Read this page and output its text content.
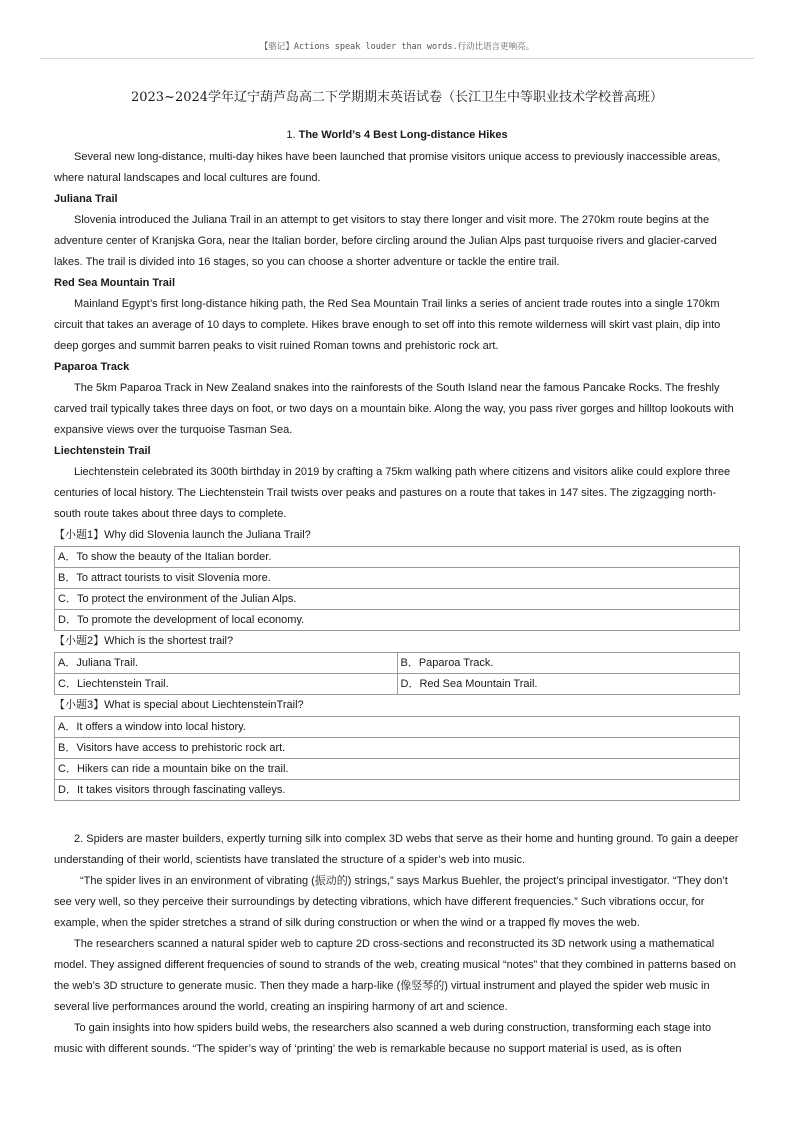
【骆记】Actions speak louder than words.行动比语言更响亮。
2023~2024学年辽宁葫芦岛高二下学期期末英语试卷（长江卫生中等职业技术学校普高班）
1. The World’s 4 Best Long-distance Hikes

Several new long-distance, multi-day hikes have been launched that promise visitors unique access to previously inaccessible areas, where natural landscapes and local cultures are found.

Juliana Trail

Slovenia introduced the Juliana Trail in an attempt to get visitors to stay there longer and visit more. The 270km route begins at the adventure center of Kranjska Gora, near the Italian border, before circling around the Julian Alps past turquoise rivers and glacier-carved lakes. The trail is divided into 16 stages, so you can choose a shorter adventure or tackle the entire trail.

Red Sea Mountain Trail

Mainland Egypt’s first long-distance hiking path, the Red Sea Mountain Trail links a series of ancient trade routes into a single 170km circuit that takes an average of 10 days to complete. Hikes brave enough to set off into this remote wilderness will skirt vast plain, dip into deep gorges and summit barren peaks to visit ruined Roman towns and prehistoric rock art.

Paparoa Track

The 5km Paparoa Track in New Zealand snakes into the rainforests of the South Island near the famous Pancake Rocks. The freshly carved trail typically takes three days on foot, or two days on a mountain bike. Along the way, you pass river gorges and hilltop lookouts with expansive views over the turquoise Tasman Sea.

Liechtenstein Trail

Liechtenstein celebrated its 300th birthday in 2019 by crafting a 75km walking path where citizens and visitors alike could explore three centuries of local history. The Liechtenstein Trail twists over peaks and pastures on a route that takes in 147 sites. The zigzagging north-south route takes about three days to complete.

【小题1】Why did Slovenia launch the Juliana Trail?
A．To show the beauty of the Italian border.
B．To attract tourists to visit Slovenia more.
C．To protect the environment of the Julian Alps.
D．To promote the development of local economy.
【小题2】Which is the shortest trail?
A．Juliana Trail.	B．Paparoa Track.
C．Liechtenstein Trail.	D．Red Sea Mountain Trail.
【小题3】What is special about LiechtensteinTrail?
A．It offers a window into local history.
B．Visitors have access to prehistoric rock art.
C．Hikers can ride a mountain bike on the trail.
D．It takes visitors through fascinating valleys.

2. Spiders are master builders, expertly turning silk into complex 3D webs that serve as their home and hunting ground. To gain a deeper understanding of their world, scientists have translated the structure of a spider’s web into music.

“The spider lives in an environment of vibrating (振动的) strings,” says Markus Buehler, the project’s principal investigator. “They don’t see very well, so they perceive their surroundings by detecting vibrations, which have different frequencies.” Such vibrations occur, for example, when the spider stretches a strand of silk during construction or when the wind or a trapped fly moves the web.

The researchers scanned a natural spider web to capture 2D cross-sections and reconstructed its 3D network using a mathematical model. They assigned different frequencies of sound to strands of the web, creating musical “notes” that they combined in patterns based on the web’s 3D structure to generate music. Then they made a harp-like (像竖琴的) virtual instrument and played the spider web music in several live performances around the world, creating an inspiring harmony of art and science.

To gain insights into how spiders build webs, the researchers also scanned a web during construction, transforming each stage into music with different sounds. “The spider’s way of ‘printing’ the web is remarkable because no support material is used, as is often
